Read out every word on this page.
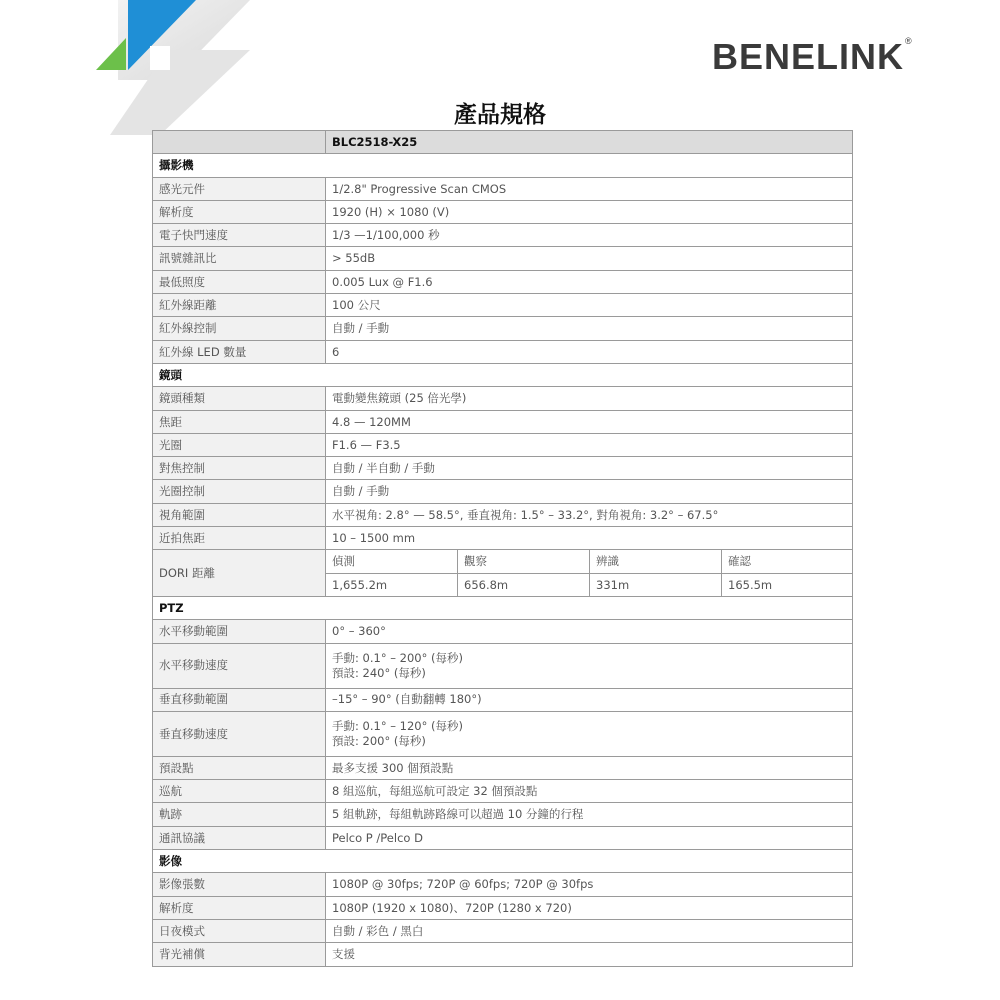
BENELINK®
產品規格
	BLC2518-X25			
攝影機				
感光元件	1/2.8" Progressive Scan CMOS			
解析度	1920 (H) × 1080 (V)			
電子快門速度	1/3 —1/100,000 秒			
訊號雜訊比	> 55dB			
最低照度	0.005 Lux @ F1.6			
紅外線距離	100 公尺			
紅外線控制	自動 / 手動			
紅外線 LED 數量	6			
鏡頭				
鏡頭種類	電動變焦鏡頭 (25 倍光學)			
焦距	4.8 — 120MM			
光圈	F1.6 — F3.5			
對焦控制	自動 / 半自動 / 手動			
光圈控制	自動 / 手動			
視角範圍	水平視角: 2.8° — 58.5°, 垂直視角: 1.5° – 33.2°, 對角視角: 3.2° – 67.5°			
近拍焦距	10 – 1500 mm			
DORI 距離	偵測	觀察	辨識	確認
	1,655.2m	656.8m	331m	165.5m
PTZ				
水平移動範圍	0° – 360°			
水平移動速度	手動: 0.1° – 200° (每秒)
預設: 240° (每秒)			

垂直移動範圍	–15° – 90° (自動翻轉 180°)			
垂直移動速度	手動: 0.1° – 120° (每秒)
預設: 200° (每秒)			

預設點	最多支援 300 個預設點			
巡航	8 組巡航，每組巡航可設定 32 個預設點			
軌跡	5 組軌跡，每組軌跡路線可以超過 10 分鐘的行程			
通訊協議	Pelco P /Pelco D			
影像				
影像張數	1080P @ 30fps; 720P @ 60fps; 720P @ 30fps			
解析度	1080P (1920 x 1080)、720P (1280 x 720)			
日夜模式	自動 / 彩色 / 黑白			
背光補償	支援			
